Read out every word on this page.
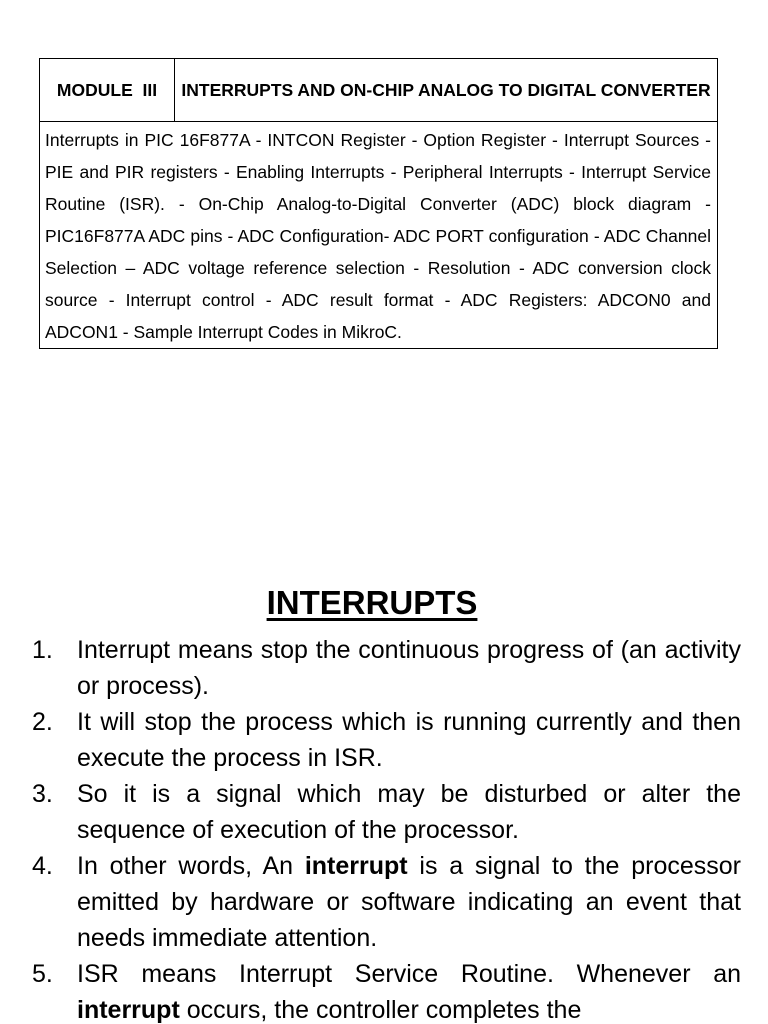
MODULE  III	INTERRUPTS AND ON-CHIP ANALOG TO DIGITAL CONVERTER
Interrupts in PIC 16F877A - INTCON Register - Option Register - Interrupt Sources - PIE and PIR registers - Enabling Interrupts - Peripheral Interrupts - Interrupt Service Routine (ISR). - On-Chip Analog-to-Digital Converter (ADC) block diagram - PIC16F877A ADC pins - ADC Configuration- ADC PORT configuration - ADC Channel Selection – ADC voltage reference selection - Resolution - ADC conversion clock source - Interrupt control - ADC result format - ADC Registers: ADCON0 and ADCON1 - Sample Interrupt Codes in MikroC.
INTERRUPTS
1. Interrupt means stop the continuous progress of (an activity or process).
2. It will stop the process which is running currently and then execute the process in ISR.
3. So it is a signal which may be disturbed or alter the sequence of execution of the processor.
4. In other words, An interrupt is a signal to the processor emitted by hardware or software indicating an event that needs immediate attention.
5. ISR means Interrupt Service Routine. Whenever an interrupt occurs, the controller completes the
